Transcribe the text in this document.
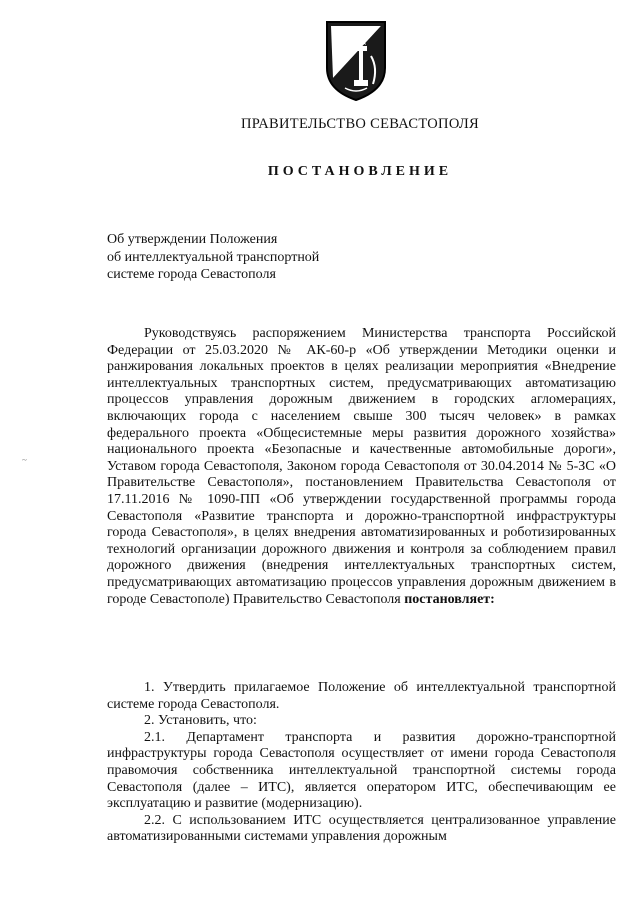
ПРАВИТЕЛЬСТВО СЕВАСТОПОЛЯ
ПОСТАНОВЛЕНИЕ
Об утверждении Положения
об интеллектуальной транспортной
системе города Севастополя
~

Руководствуясь распоряжением Министерства транспорта Российской Федерации от 25.03.2020 № АК-60-р «Об утверждении Методики оценки и ранжирования локальных проектов в целях реализации мероприятия «Внедрение интеллектуальных транспортных систем, предусматривающих автоматизацию процессов управления дорожным движением в городских агломерациях, включающих города с населением свыше 300 тысяч человек» в рамках федерального проекта «Общесистемные меры развития дорожного хозяйства» национального проекта «Безопасные и качественные автомобильные дороги», Уставом города Севастополя, Законом города Севастополя от 30.04.2014 № 5-ЗС «О Правительстве Севастополя», постановлением Правительства Севастополя от 17.11.2016 № 1090-ПП «Об утверждении государственной программы города Севастополя «Развитие транспорта и дорожно-транспортной инфраструктуры города Севастополя», в целях внедрения автоматизированных и роботизированных технологий организации дорожного движения и контроля за соблюдением правил дорожного движения (внедрения интеллектуальных транспортных систем, предусматривающих автоматизацию процессов управления дорожным движением в городе Севастополе) Правительство Севастополя постановляет:

1. Утвердить прилагаемое Положение об интеллектуальной транспортной системе города Севастополя.

2. Установить, что:

2.1. Департамент транспорта и развития дорожно-транспортной инфраструктуры города Севастополя осуществляет от имени города Севастополя правомочия собственника интеллектуальной транспортной системы города Севастополя (далее – ИТС), является оператором ИТС, обеспечивающим ее эксплуатацию и развитие (модернизацию).

2.2. С использованием ИТС осуществляется централизованное управление автоматизированными системами управления дорожным
